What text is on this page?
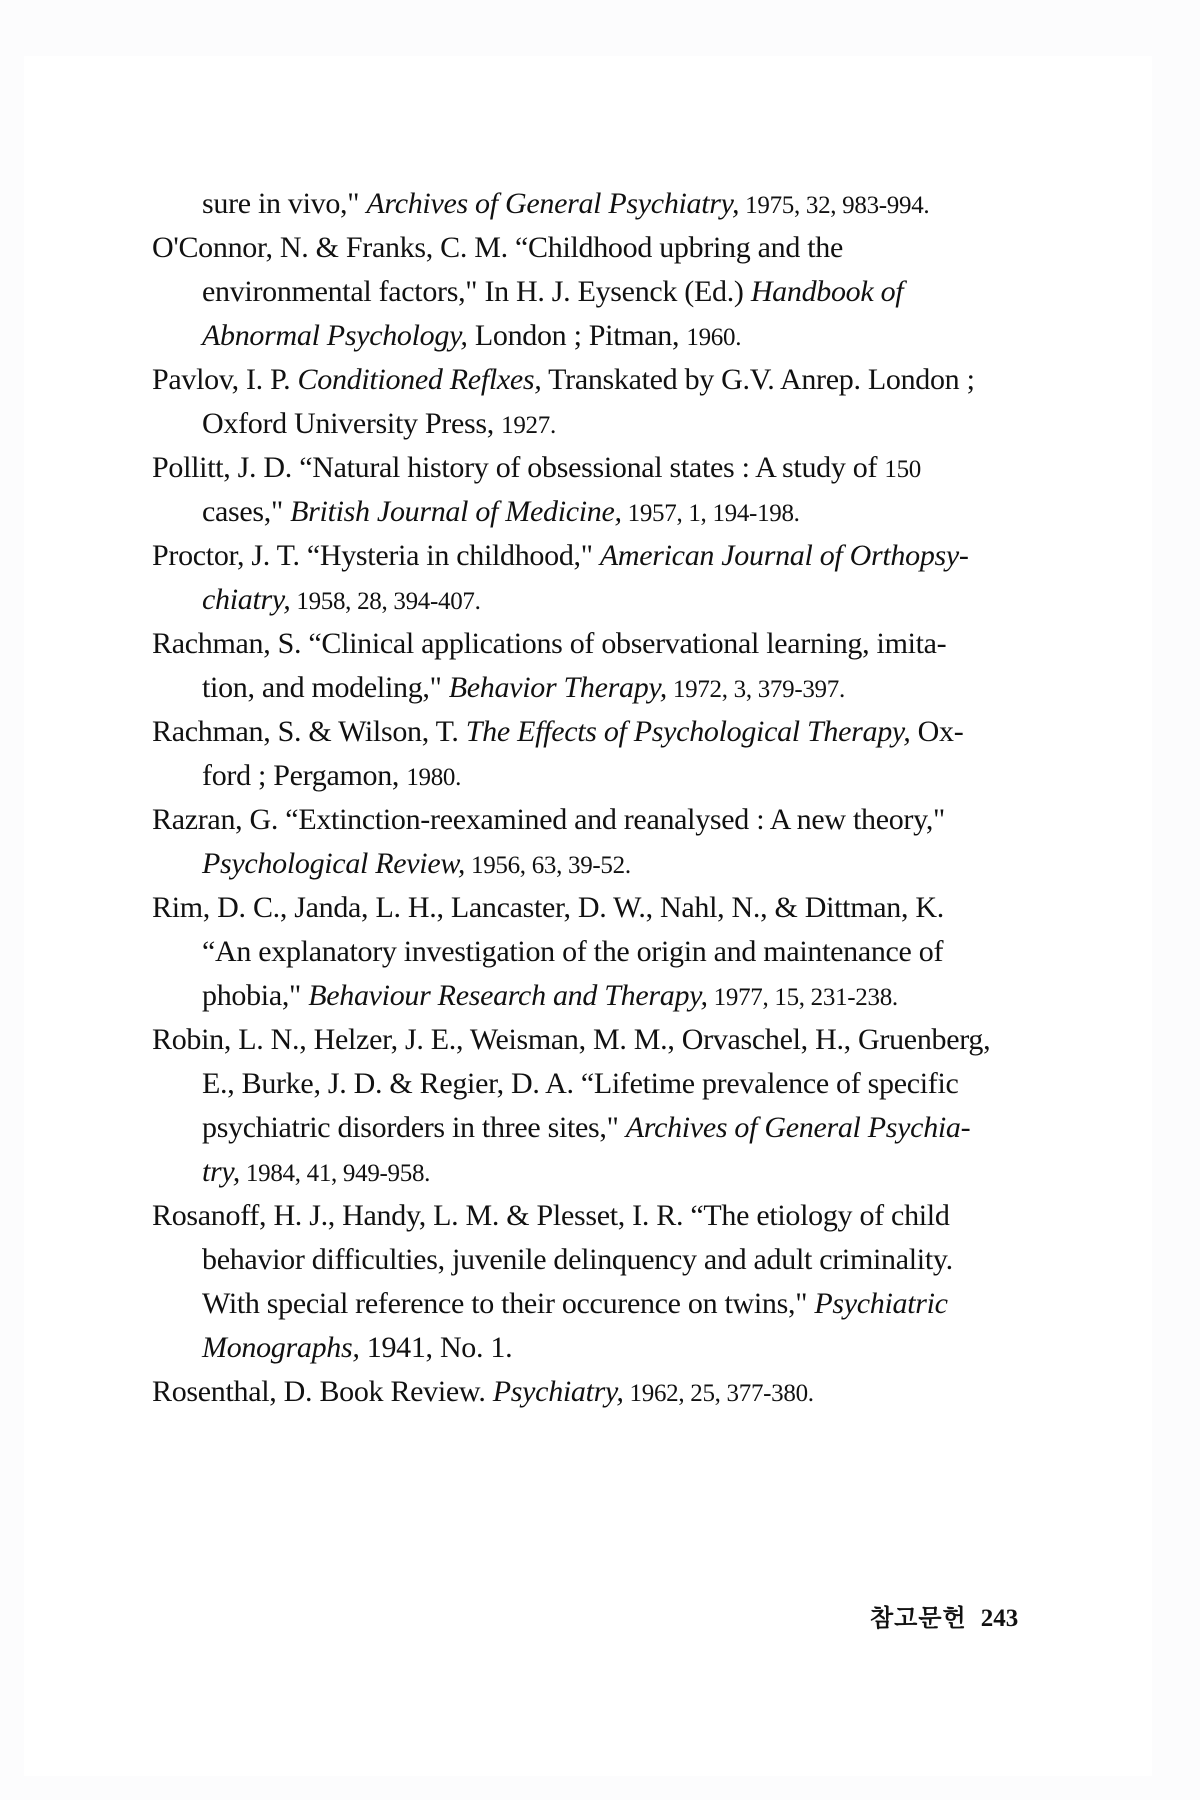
sure in vivo," Archives of General Psychiatry, 1975, 32, 983-994.
O'Connor, N. & Franks, C. M. “Childhood upbring and the
environmental factors," In H. J. Eysenck (Ed.) Handbook of
Abnormal Psychology, London ; Pitman, 1960.
Pavlov, I. P. Conditioned Reflxes, Transkated by G.V. Anrep. London ;
Oxford University Press, 1927.
Pollitt, J. D. “Natural history of obsessional states : A study of 150
cases," British Journal of Medicine, 1957, 1, 194-198.
Proctor, J. T. “Hysteria in childhood," American Journal of Orthopsy-
chiatry, 1958, 28, 394-407.
Rachman, S. “Clinical applications of observational learning, imita-
tion, and modeling," Behavior Therapy, 1972, 3, 379-397.
Rachman, S. & Wilson, T. The Effects of Psychological Therapy, Ox-
ford ; Pergamon, 1980.
Razran, G. “Extinction-reexamined and reanalysed : A new theory,"
Psychological Review, 1956, 63, 39-52.
Rim, D. C., Janda, L. H., Lancaster, D. W., Nahl, N., & Dittman, K.
“An explanatory investigation of the origin and maintenance of
phobia," Behaviour Research and Therapy, 1977, 15, 231-238.
Robin, L. N., Helzer, J. E., Weisman, M. M., Orvaschel, H., Gruenberg,
E., Burke, J. D. & Regier, D. A. “Lifetime prevalence of specific
psychiatric disorders in three sites," Archives of General Psychia-
try, 1984, 41, 949-958.
Rosanoff, H. J., Handy, L. M. & Plesset, I. R. “The etiology of child
behavior difficulties, juvenile delinquency and adult criminality.
With special reference to their occurence on twins," Psychiatric
Monographs, 1941, No. 1.
Rosenthal, D. Book Review. Psychiatry, 1962, 25, 377-380.
참고문헌 243
